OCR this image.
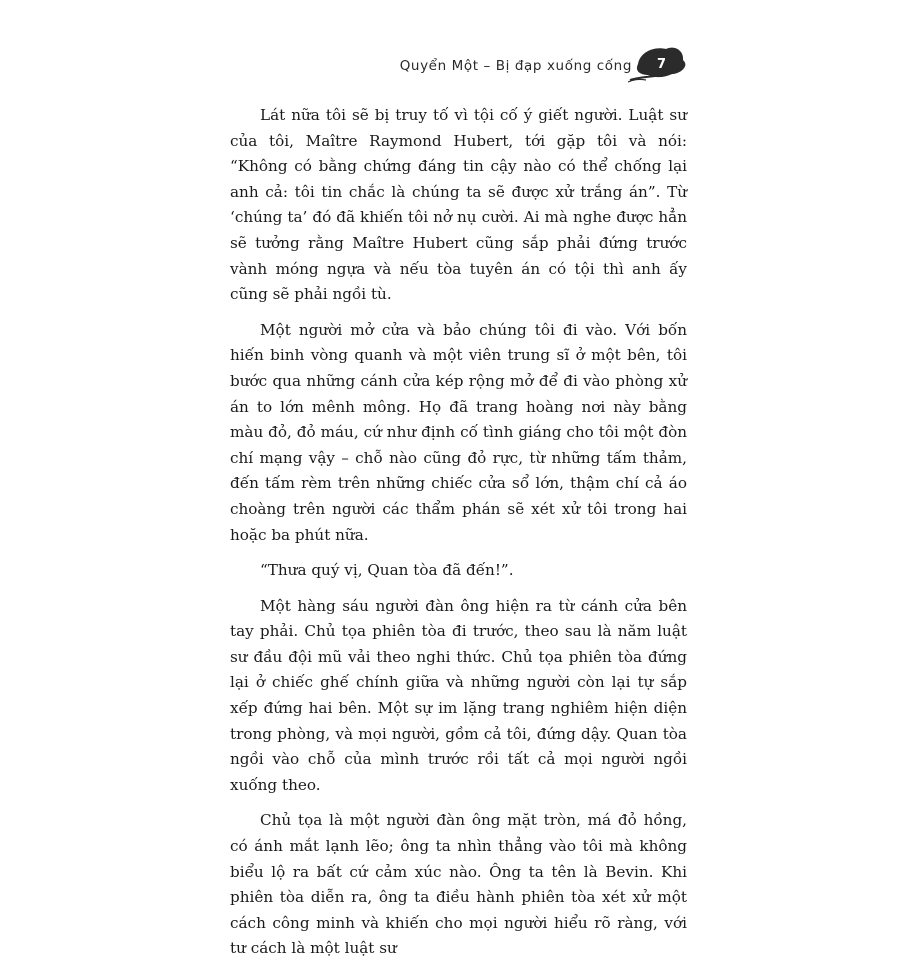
Quyển Một – Bị đạp xuống cống 7

Lát nữa tôi sẽ bị truy tố vì tội cố ý giết người. Luật sư của tôi, Maître Raymond Hubert, tới gặp tôi và nói: “Không có bằng chứng đáng tin cậy nào có thể chống lại anh cả: tôi tin chắc là chúng ta sẽ được xử trắng án”. Từ ‘chúng ta’ đó đã khiến tôi nở nụ cười. Ai mà nghe được hẳn sẽ tưởng rằng Maître Hubert cũng sắp phải đứng trước vành móng ngựa và nếu tòa tuyên án có tội thì anh ấy cũng sẽ phải ngồi tù.

Một người mở cửa và bảo chúng tôi đi vào. Với bốn hiến binh vòng quanh và một viên trung sĩ ở một bên, tôi bước qua những cánh cửa kép rộng mở để đi vào phòng xử án to lớn mênh mông. Họ đã trang hoàng nơi này bằng màu đỏ, đỏ máu, cứ như định cố tình giáng cho tôi một đòn chí mạng vậy – chỗ nào cũng đỏ rực, từ những tấm thảm, đến tấm rèm trên những chiếc cửa sổ lớn, thậm chí cả áo choàng trên người các thẩm phán sẽ xét xử tôi trong hai hoặc ba phút nữa.

“Thưa quý vị, Quan tòa đã đến!”.

Một hàng sáu người đàn ông hiện ra từ cánh cửa bên tay phải. Chủ tọa phiên tòa đi trước, theo sau là năm luật sư đầu đội mũ vải theo nghi thức. Chủ tọa phiên tòa đứng lại ở chiếc ghế chính giữa và những người còn lại tự sắp xếp đứng hai bên. Một sự im lặng trang nghiêm hiện diện trong phòng, và mọi người, gồm cả tôi, đứng dậy. Quan tòa ngồi vào chỗ của mình trước rồi tất cả mọi người ngồi xuống theo.

Chủ tọa là một người đàn ông mặt tròn, má đỏ hồng, có ánh mắt lạnh lẽo; ông ta nhìn thẳng vào tôi mà không biểu lộ ra bất cứ cảm xúc nào. Ông ta tên là Bevin. Khi phiên tòa diễn ra, ông ta điều hành phiên tòa xét xử một cách công minh và khiến cho mọi người hiểu rõ ràng, với tư cách là một luật sư
